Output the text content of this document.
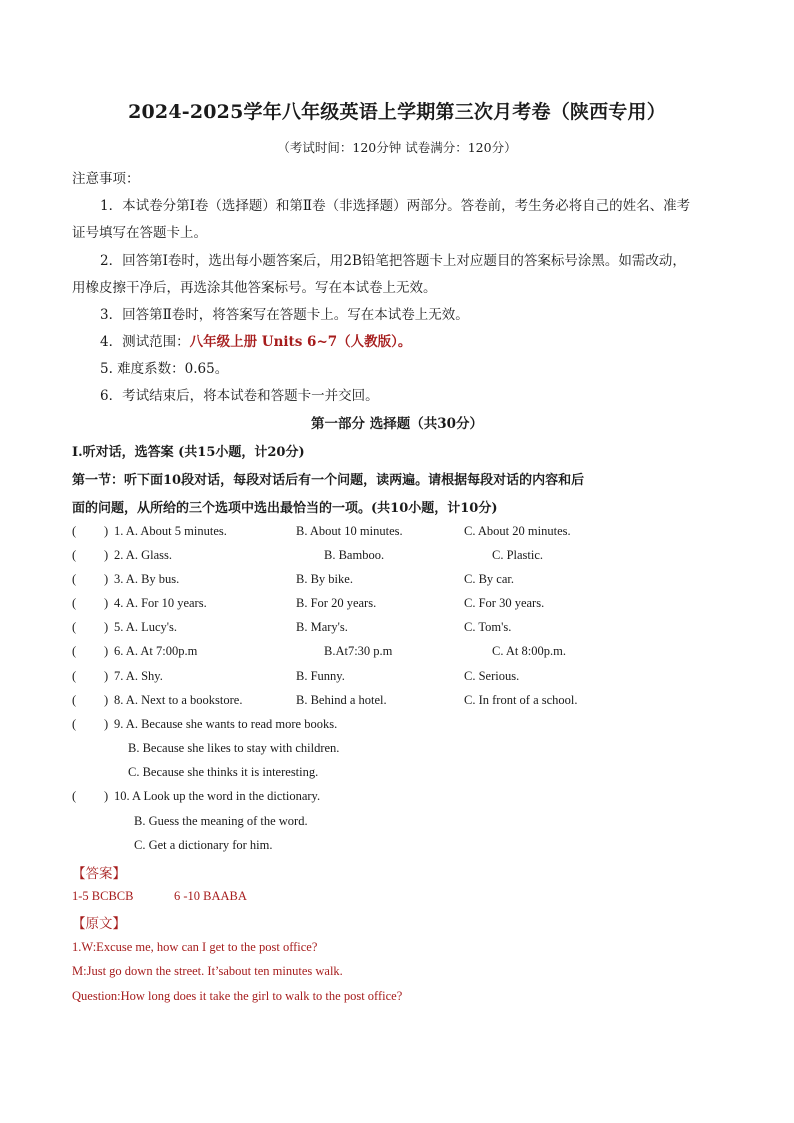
2024-2025学年八年级英语上学期第三次月考卷（陕西专用）
（考试时间：120分钟 试卷满分：120分）
注意事项：
1．本试卷分第Ⅰ卷（选择题）和第Ⅱ卷（非选择题）两部分。答卷前，考生务必将自己的姓名、准考
证号填写在答题卡上。
2．回答第Ⅰ卷时，选出每小题答案后，用2B铅笔把答题卡上对应题目的答案标号涂黑。如需改动，
用橡皮擦干净后，再选涂其他答案标号。写在本试卷上无效。
3．回答第Ⅱ卷时，将答案写在答题卡上。写在本试卷上无效。
4．测试范围：八年级上册 Units 6~7（人教版）。
5. 难度系数：0.65。
6．考试结束后，将本试卷和答题卡一并交回。
第一部分 选择题（共30分）
Ⅰ.听对话，选答案 (共15小题，计20分)
第一节：听下面10段对话，每段对话后有一个问题，读两遍。请根据每段对话的内容和后
面的问题，从所给的三个选项中选出最恰当的一项。(共10小题，计10分)
( ) 1. A. About 5 minutes.	B. About 10 minutes.	C. About 20 minutes.
( ) 2. A. Glass.	B. Bamboo.	C. Plastic.
( ) 3. A. By bus.	B. By bike.	C. By car.
( ) 4. A. For 10 years.	B. For 20 years.	C. For 30 years.
( ) 5. A. Lucy's.	B. Mary's.	C. Tom's.
( ) 6. A. At 7:00p.m	B.At7:30 p.m	C. At 8:00p.m.
( ) 7. A. Shy.	B. Funny.	C. Serious.
( ) 8. A. Next to a bookstore.	B. Behind a hotel.	C. In front of a school.
( ) 9. A. Because she wants to read more books.
B. Because she likes to stay with children.
C. Because she thinks it is interesting.
( ) 10. A Look up the word in the dictionary.
B. Guess the meaning of the word.
C. Get a dictionary for him.
【答案】
1-5 BCBCB	6 -10 BAABA
【原文】
1.W:Excuse me, how can I get to the post office?
M:Just go down the street. It’sabout ten minutes walk.
Question:How long does it take the girl to walk to the post office?
